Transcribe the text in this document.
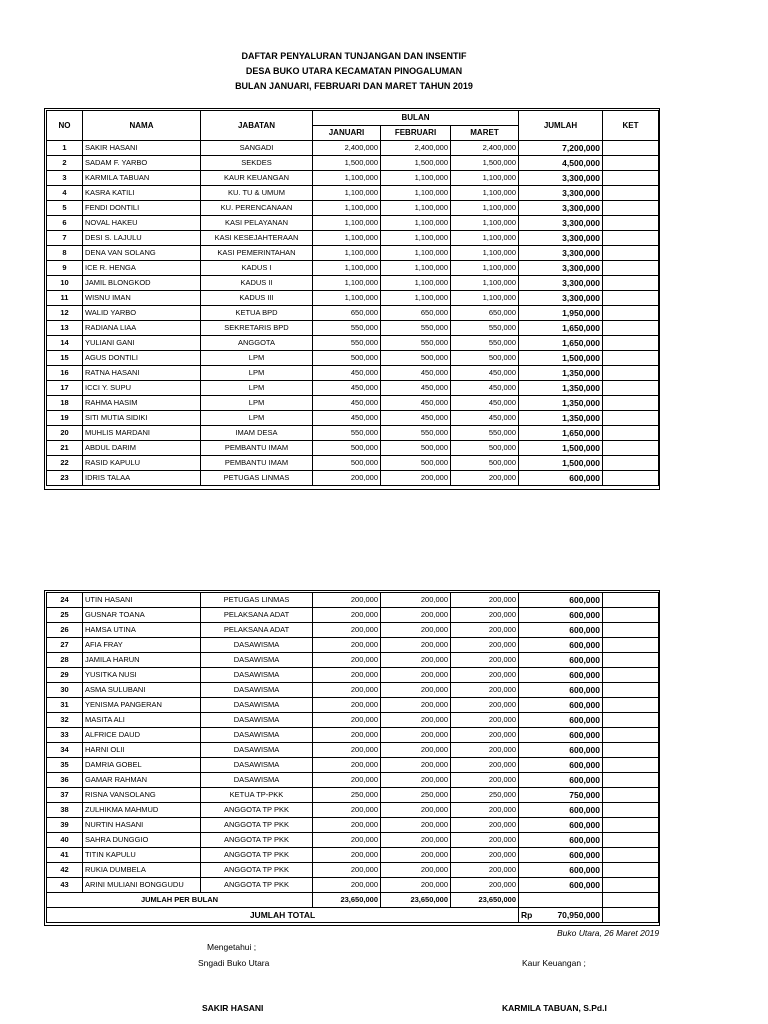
DAFTAR PENYALURAN TUNJANGAN DAN INSENTIF
DESA BUKO UTARA KECAMATAN PINOGALUMAN
BULAN JANUARI, FEBRUARI DAN MARET TAHUN 2019
NO	NAMA	JABATAN	BULAN			JUMLAH	KET
			JANUARI	FEBRUARI	MARET		
1	SAKIR HASANI	SANGADI	2,400,000	2,400,000	2,400,000	7,200,000	
2	SADAM F. YARBO	SEKDES	1,500,000	1,500,000	1,500,000	4,500,000	
3	KARMILA TABUAN	KAUR KEUANGAN	1,100,000	1,100,000	1,100,000	3,300,000	
4	KASRA KATILI	KU. TU & UMUM	1,100,000	1,100,000	1,100,000	3,300,000	
5	FENDI DONTILI	KU. PERENCANAAN	1,100,000	1,100,000	1,100,000	3,300,000	
6	NOVAL HAKEU	KASI PELAYANAN	1,100,000	1,100,000	1,100,000	3,300,000	
7	DESI S. LAJULU	KASI KESEJAHTERAAN	1,100,000	1,100,000	1,100,000	3,300,000	
8	DENA VAN SOLANG	KASI PEMERINTAHAN	1,100,000	1,100,000	1,100,000	3,300,000	
9	ICE R. HENGA	KADUS I	1,100,000	1,100,000	1,100,000	3,300,000	
10	JAMIL BLONGKOD	KADUS II	1,100,000	1,100,000	1,100,000	3,300,000	
11	WISNU IMAN	KADUS III	1,100,000	1,100,000	1,100,000	3,300,000	
12	WALID YARBO	KETUA BPD	650,000	650,000	650,000	1,950,000	
13	RADIANA LIAA	SEKRETARIS BPD	550,000	550,000	550,000	1,650,000	
14	YULIANI GANI	ANGGOTA	550,000	550,000	550,000	1,650,000	
15	AGUS DONTILI	LPM	500,000	500,000	500,000	1,500,000	
16	RATNA HASANI	LPM	450,000	450,000	450,000	1,350,000	
17	ICCI Y. SUPU	LPM	450,000	450,000	450,000	1,350,000	
18	RAHMA HASIM	LPM	450,000	450,000	450,000	1,350,000	
19	SITI MUTIA SIDIKI	LPM	450,000	450,000	450,000	1,350,000	
20	MUHLIS MARDANI	IMAM DESA	550,000	550,000	550,000	1,650,000	
21	ABDUL DARIM	PEMBANTU IMAM	500,000	500,000	500,000	1,500,000	
22	RASID KAPULU	PEMBANTU IMAM	500,000	500,000	500,000	1,500,000	
23	IDRIS TALAA	PETUGAS LINMAS	200,000	200,000	200,000	600,000	
24	UTIN HASANI	PETUGAS LINMAS	200,000	200,000	200,000	600,000	
25	GUSNAR TOANA	PELAKSANA ADAT	200,000	200,000	200,000	600,000	
26	HAMSA UTINA	PELAKSANA ADAT	200,000	200,000	200,000	600,000	
27	AFIA FRAY	DASAWISMA	200,000	200,000	200,000	600,000	
28	JAMILA HARUN	DASAWISMA	200,000	200,000	200,000	600,000	
29	YUSITKA NUSI	DASAWISMA	200,000	200,000	200,000	600,000	
30	ASMA SULUBANI	DASAWISMA	200,000	200,000	200,000	600,000	
31	YENISMA PANGERAN	DASAWISMA	200,000	200,000	200,000	600,000	
32	MASITA ALI	DASAWISMA	200,000	200,000	200,000	600,000	
33	ALFRICE DAUD	DASAWISMA	200,000	200,000	200,000	600,000	
34	HARNI OLII	DASAWISMA	200,000	200,000	200,000	600,000	
35	DAMRIA GOBEL	DASAWISMA	200,000	200,000	200,000	600,000	
36	GAMAR RAHMAN	DASAWISMA	200,000	200,000	200,000	600,000	
37	RISNA VANSOLANG	KETUA TP-PKK	250,000	250,000	250,000	750,000	
38	ZULHIKMA MAHMUD	ANGGOTA TP PKK	200,000	200,000	200,000	600,000	
39	NURTIN HASANI	ANGGOTA TP PKK	200,000	200,000	200,000	600,000	
40	SAHRA DUNGGIO	ANGGOTA TP PKK	200,000	200,000	200,000	600,000	
41	TITIN KAPULU	ANGGOTA TP PKK	200,000	200,000	200,000	600,000	
42	RUKIA DUMBELA	ANGGOTA TP PKK	200,000	200,000	200,000	600,000	
43	ARINI MULIANI BONGGUDU	ANGGOTA TP PKK	200,000	200,000	200,000	600,000	
JUMLAH PER BULAN			23,650,000	23,650,000	23,650,000		
JUMLAH TOTAL						Rp 70,950,000	

Buko Utara, 26 Maret 2019
Mengetahui ;
Sngadi Buko Utara	Kaur Keuangan ;
SAKIR HASANI	KARMILA TABUAN, S.Pd.I
